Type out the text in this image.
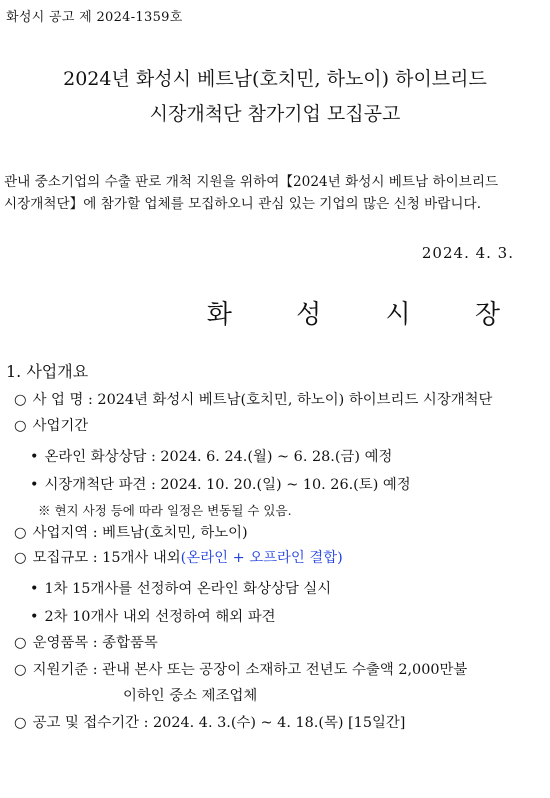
화성시 공고 제 2024-1359호
2024년 화성시 베트남(호치민, 하노이) 하이브리드
시장개척단 참가기업 모집공고
관내 중소기업의 수출 판로 개척 지원을 위하여【2024년 화성시 베트남 하이브리드
시장개척단】에 참가할 업체를 모집하오니 관심 있는 기업의 많은 신청 바랍니다.
2024. 4. 3.
화 성 시 장
1. 사업개요
○ 사 업 명 : 2024년 화성시 베트남(호치민, 하노이) 하이브리드 시장개척단
○ 사업기간
• 온라인 화상상담 : 2024. 6. 24.(월) ~ 6. 28.(금) 예정
• 시장개척단 파견 : 2024. 10. 20.(일) ~ 10. 26.(토) 예정
※ 현지 사정 등에 따라 일정은 변동될 수 있음.
○ 사업지역 : 베트남(호치민, 하노이)
○ 모집규모 : 15개사 내외(온라인 + 오프라인 결합)
• 1차 15개사를 선정하여 온라인 화상상담 실시
• 2차 10개사 내외 선정하여 해외 파견
○ 운영품목 : 종합품목
○ 지원기준 : 관내 본사 또는 공장이 소재하고 전년도 수출액 2,000만불
이하인 중소 제조업체
○ 공고 및 접수기간 : 2024. 4. 3.(수) ~ 4. 18.(목) [15일간]
